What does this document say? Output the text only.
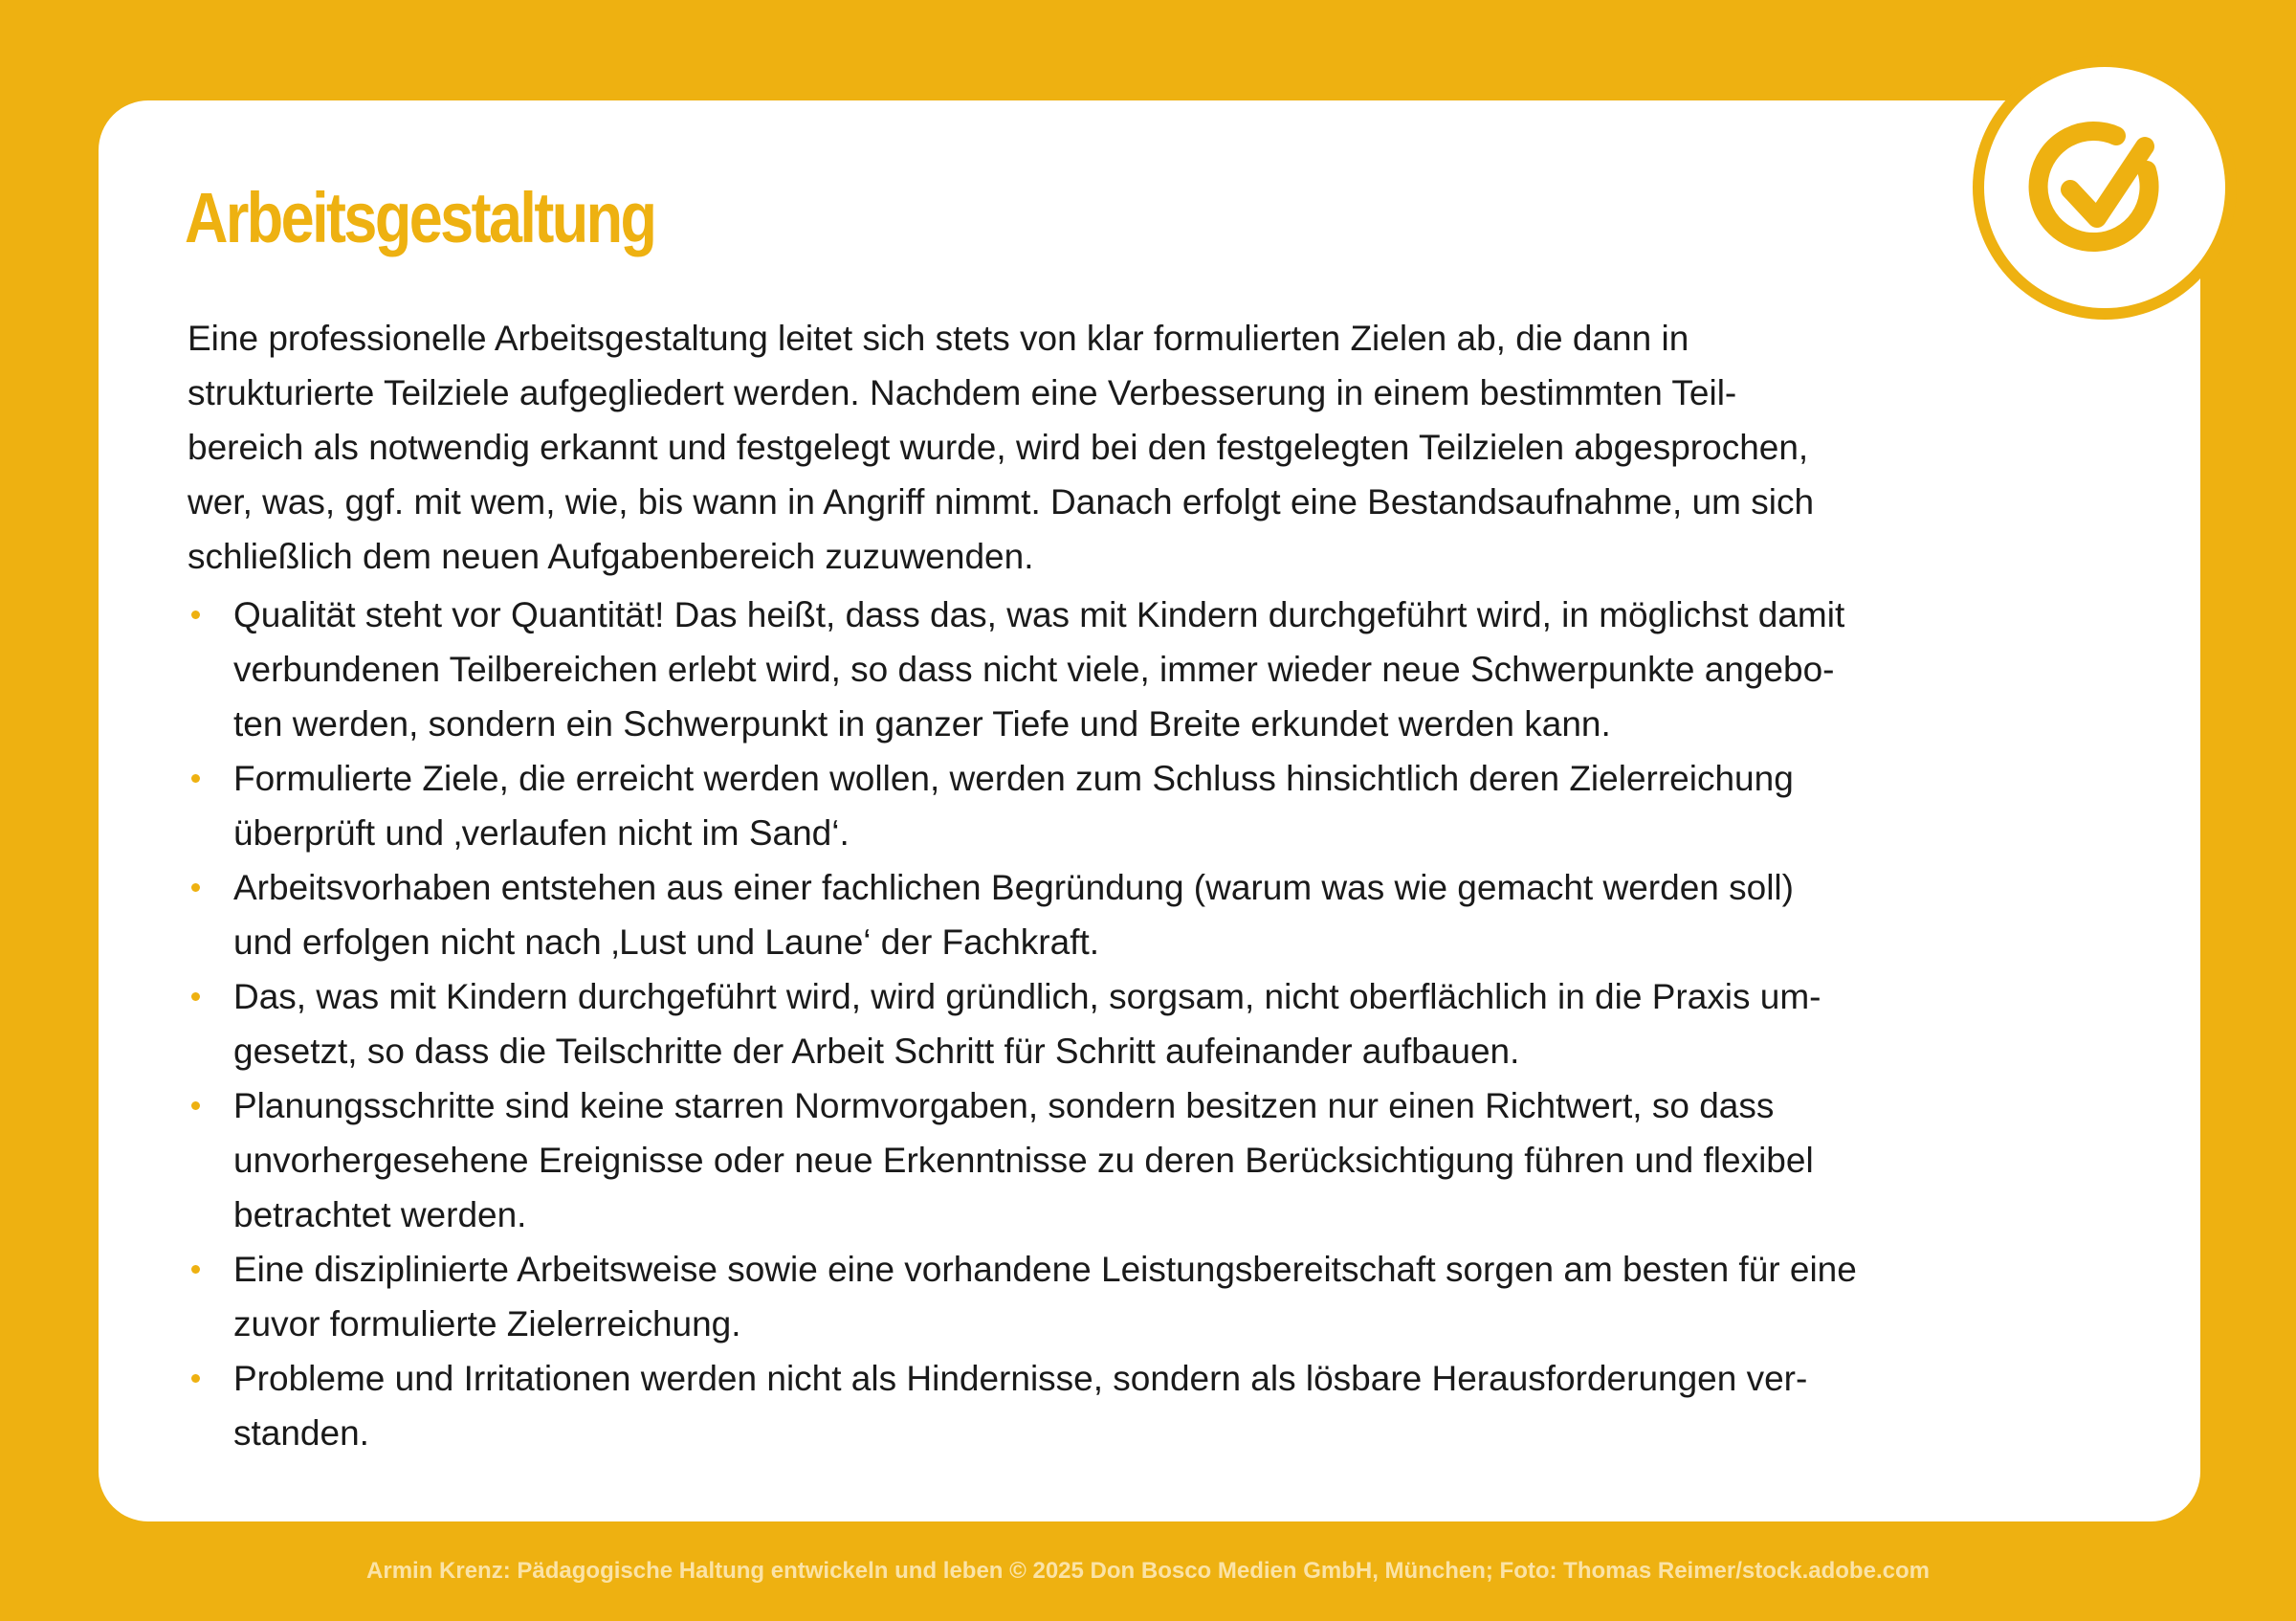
Arbeitsgestaltung
Eine professionelle Arbeitsgestaltung leitet sich stets von klar formulierten Zielen ab, die dann in
strukturierte Teilziele aufgegliedert werden. Nachdem eine Verbesserung in einem bestimmten Teil-
bereich als notwendig erkannt und festgelegt wurde, wird bei den festgelegten Teilzielen abgesprochen,
wer, was, ggf. mit wem, wie, bis wann in Angriff nimmt. Danach erfolgt eine Bestandsaufnahme, um sich
schließlich dem neuen Aufgabenbereich zuzuwenden.
Qualität steht vor Quantität! Das heißt, dass das, was mit Kindern durchgeführt wird, in möglichst damit
verbundenen Teilbereichen erlebt wird, so dass nicht viele, immer wieder neue Schwerpunkte angebo-
ten werden, sondern ein Schwerpunkt in ganzer Tiefe und Breite erkundet werden kann.
Formulierte Ziele, die erreicht werden wollen, werden zum Schluss hinsichtlich deren Zielerreichung
überprüft und ‚verlaufen nicht im Sand‘.
Arbeitsvorhaben entstehen aus einer fachlichen Begründung (warum was wie gemacht werden soll)
und erfolgen nicht nach ‚Lust und Laune‘ der Fachkraft.
Das, was mit Kindern durchgeführt wird, wird gründlich, sorgsam, nicht oberflächlich in die Praxis um-
gesetzt, so dass die Teilschritte der Arbeit Schritt für Schritt aufeinander aufbauen.
Planungsschritte sind keine starren Normvorgaben, sondern besitzen nur einen Richtwert, so dass
unvorhergesehene Ereignisse oder neue Erkenntnisse zu deren Berücksichtigung führen und flexibel
betrachtet werden.
Eine disziplinierte Arbeitsweise sowie eine vorhandene Leistungsbereitschaft sorgen am besten für eine
zuvor formulierte Zielerreichung.
Probleme und Irritationen werden nicht als Hindernisse, sondern als lösbare Herausforderungen ver-
standen.
Armin Krenz: Pädagogische Haltung entwickeln und leben © 2025 Don Bosco Medien GmbH, München; Foto: Thomas Reimer/stock.adobe.com
